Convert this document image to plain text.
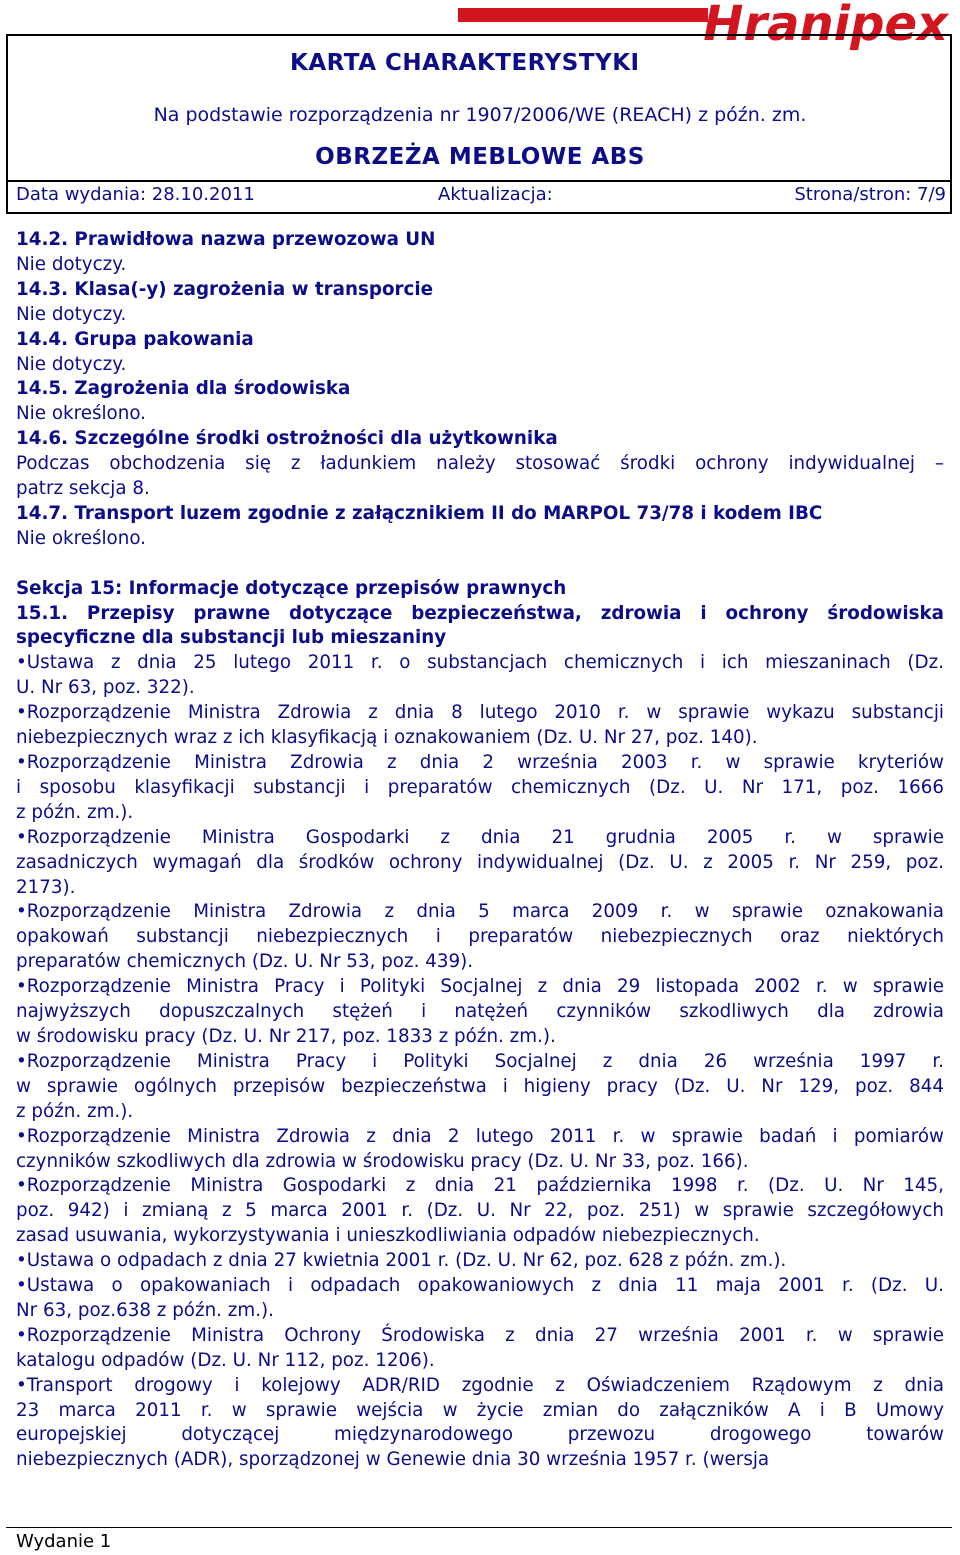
Hranipex
KARTA CHARAKTERYSTYKI
Na podstawie rozporządzenia nr 1907/2006/WE (REACH) z późn. zm.
OBRZEŻA MEBLOWE ABS
Data wydania: 28.10.2011	Aktualizacja:	Strona/stron: 7/9

14.2. Prawidłowa nazwa przewozowa UN

Nie dotyczy.

14.3. Klasa(-y) zagrożenia w transporcie

Nie dotyczy.

14.4. Grupa pakowania

Nie dotyczy.

14.5. Zagrożenia dla środowiska

Nie określono.

14.6. Szczególne środki ostrożności dla użytkownika

Podczas obchodzenia się z ładunkiem należy stosować środki ochrony indywidualnej –

patrz sekcja 8.

14.7. Transport luzem zgodnie z załącznikiem II do MARPOL 73/78 i kodem IBC

Nie określono.

Sekcja 15: Informacje dotyczące przepisów prawnych

15.1. Przepisy prawne dotyczące bezpieczeństwa, zdrowia i ochrony środowiska

specyficzne dla substancji lub mieszaniny

•Ustawa z dnia 25 lutego 2011 r. o substancjach chemicznych i ich mieszaninach (Dz.

U. Nr 63, poz. 322).

•Rozporządzenie Ministra Zdrowia z dnia 8 lutego 2010 r. w sprawie wykazu substancji

niebezpiecznych wraz z ich klasyfikacją i oznakowaniem (Dz. U. Nr 27, poz. 140).

•Rozporządzenie Ministra Zdrowia z dnia 2 września 2003 r. w sprawie kryteriów

i sposobu klasyfikacji substancji i preparatów chemicznych (Dz. U. Nr 171, poz. 1666

z późn. zm.).

•Rozporządzenie Ministra Gospodarki z dnia 21 grudnia 2005 r. w sprawie

zasadniczych wymagań dla środków ochrony indywidualnej (Dz. U. z 2005 r. Nr 259, poz.

2173).

•Rozporządzenie Ministra Zdrowia z dnia 5 marca 2009 r. w sprawie oznakowania

opakowań substancji niebezpiecznych i preparatów niebezpiecznych oraz niektórych

preparatów chemicznych (Dz. U. Nr 53, poz. 439).

•Rozporządzenie Ministra Pracy i Polityki Socjalnej z dnia 29 listopada 2002 r. w sprawie

najwyższych dopuszczalnych stężeń i natężeń czynników szkodliwych dla zdrowia

w środowisku pracy (Dz. U. Nr 217, poz. 1833 z późn. zm.).

•Rozporządzenie Ministra Pracy i Polityki Socjalnej z dnia 26 września 1997 r.

w sprawie ogólnych przepisów bezpieczeństwa i higieny pracy (Dz. U. Nr 129, poz. 844

z późn. zm.).

•Rozporządzenie Ministra Zdrowia z dnia 2 lutego 2011 r. w sprawie badań i pomiarów

czynników szkodliwych dla zdrowia w środowisku pracy (Dz. U. Nr 33, poz. 166).

•Rozporządzenie Ministra Gospodarki z dnia 21 października 1998 r. (Dz. U. Nr 145,

poz. 942) i zmianą z 5 marca 2001 r. (Dz. U. Nr 22, poz. 251) w sprawie szczegółowych

zasad usuwania, wykorzystywania i unieszkodliwiania odpadów niebezpiecznych.

•Ustawa o odpadach z dnia 27 kwietnia 2001 r. (Dz. U. Nr 62, poz. 628 z późn. zm.).

•Ustawa o opakowaniach i odpadach opakowaniowych z dnia 11 maja 2001 r. (Dz. U.

Nr 63, poz.638 z późn. zm.).

•Rozporządzenie Ministra Ochrony Środowiska z dnia 27 września 2001 r. w sprawie

katalogu odpadów (Dz. U. Nr 112, poz. 1206).

•Transport drogowy i kolejowy ADR/RID zgodnie z Oświadczeniem Rządowym z dnia

23 marca 2011 r. w sprawie wejścia w życie zmian do załączników A i B Umowy

europejskiej dotyczącej międzynarodowego przewozu drogowego towarów

niebezpiecznych (ADR), sporządzonej w Genewie dnia 30 września 1957 r. (wersja

Wydanie 1
